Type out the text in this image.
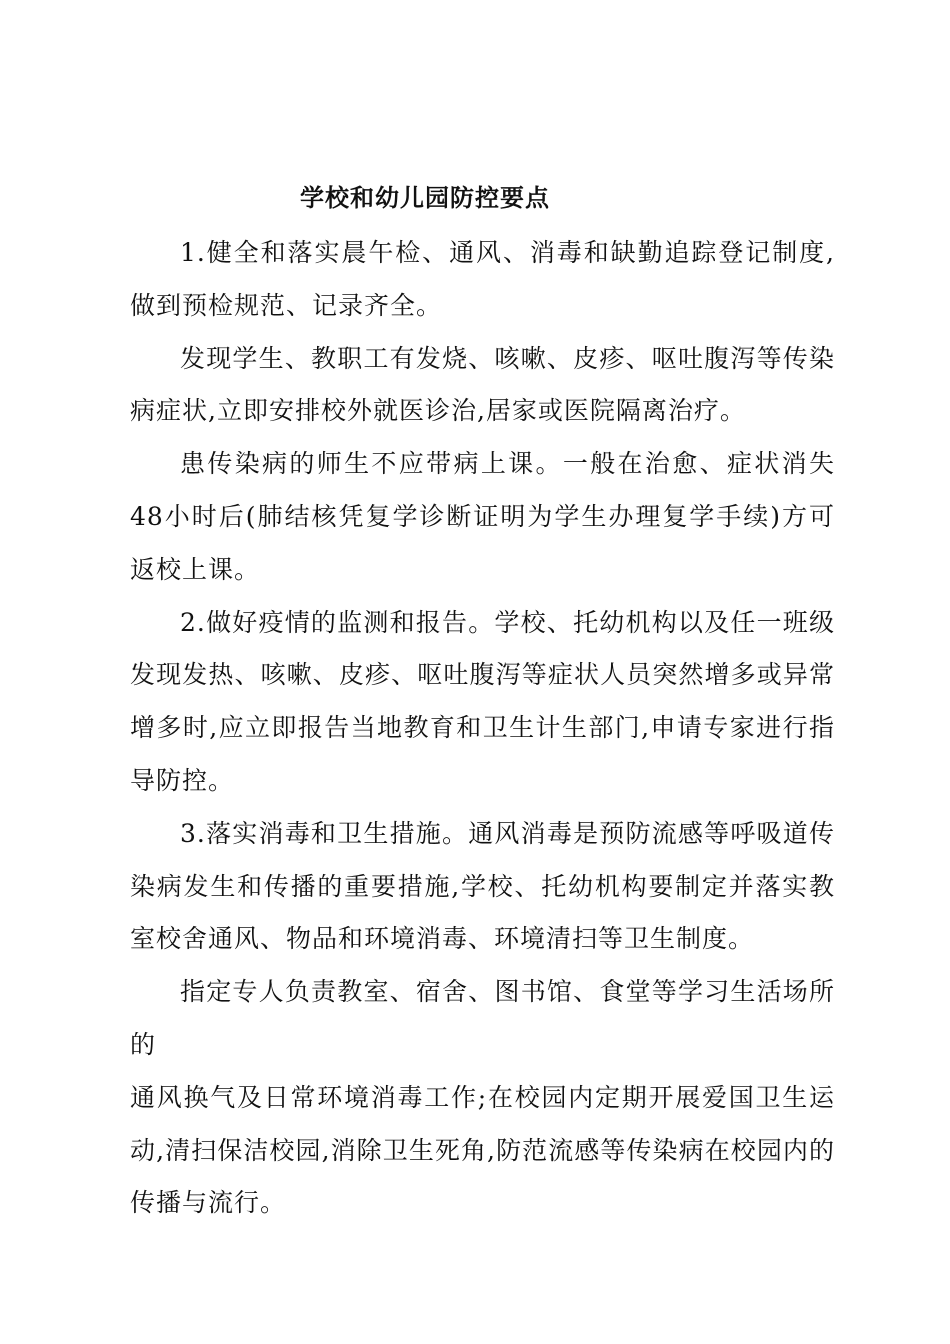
学校和幼儿园防控要点

1.健全和落实晨午检、通风、消毒和缺勤追踪登记制度,做到预检规范、记录齐全。

发现学生、教职工有发烧、咳嗽、皮疹、呕吐腹泻等传染病症状,立即安排校外就医诊治,居家或医院隔离治疗。

患传染病的师生不应带病上课。一般在治愈、症状消失48小时后(肺结核凭复学诊断证明为学生办理复学手续)方可返校上课。

2.做好疫情的监测和报告。学校、托幼机构以及任一班级发现发热、咳嗽、皮疹、呕吐腹泻等症状人员突然增多或异常增多时,应立即报告当地教育和卫生计生部门,申请专家进行指导防控。

3.落实消毒和卫生措施。通风消毒是预防流感等呼吸道传染病发生和传播的重要措施,学校、托幼机构要制定并落实教室校舍通风、物品和环境消毒、环境清扫等卫生制度。

指定专人负责教室、宿舍、图书馆、食堂等学习生活场所的

通风换气及日常环境消毒工作;在校园内定期开展爱国卫生运动,清扫保洁校园,消除卫生死角,防范流感等传染病在校园内的传播与流行。
